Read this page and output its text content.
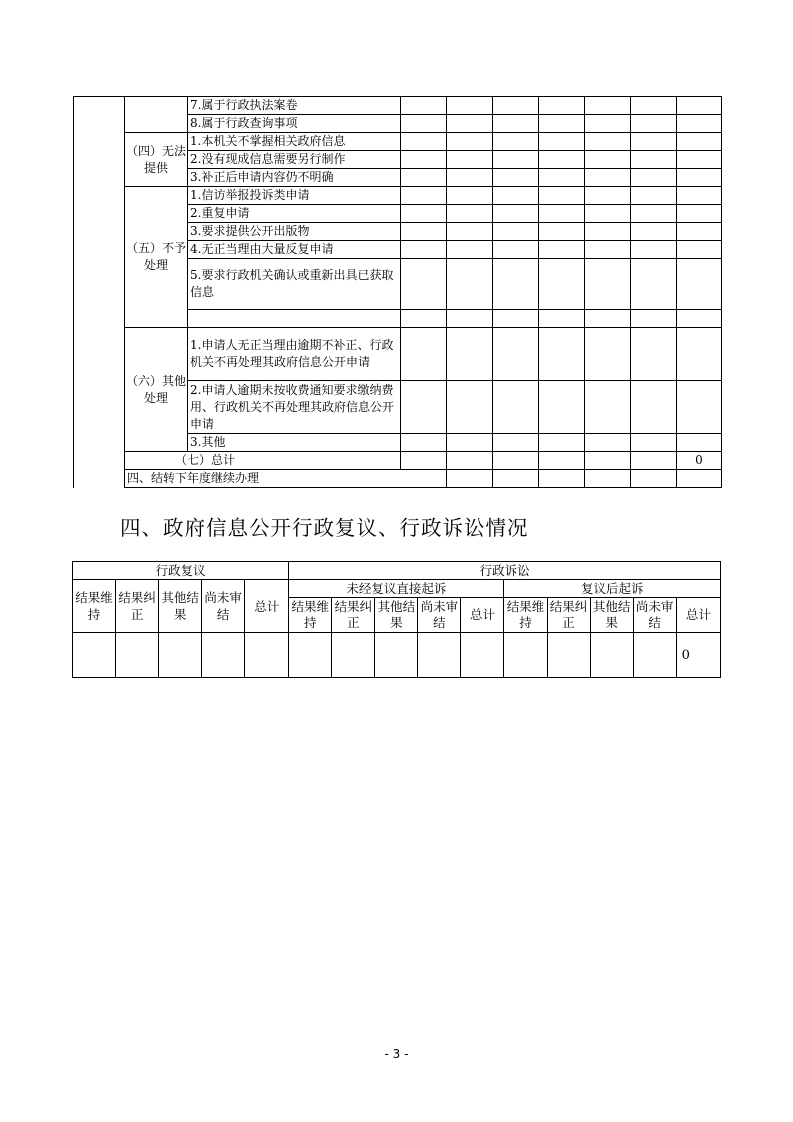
		7.属于行政执法案卷								
		8.属于行政查询事项								
	（四）无法提供	1.本机关不掌握相关政府信息								
		2.没有现成信息需要另行制作								
		3.补正后申请内容仍不明确								
	（五）不予处理	1.信访举报投诉类申请								
		2.重复申请								
		3.要求提供公开出版物								
		4.无正当理由大量反复申请								
		5.要求行政机关确认或重新出具已获取信息								

	（六）其他处理	1.申请人无正当理由逾期不补正、行政机关不再处理其政府信息公开申请								
		2.申请人逾期未按收费通知要求缴纳费用、行政机关不再处理其政府信息公开申请								
		3.其他								
	（七）总计								0	
	四、结转下年度继续办理							
四、政府信息公开行政复议、行政诉讼情况
行政复议					行政诉讼									
结果维持	结果纠正	其他结果	尚未审结	总计	未经复议直接起诉					复议后起诉				
					结果维持	结果纠正	其他结果	尚未审结	总计	结果维持	结果纠正	其他结果	尚未审结	总计
														0
- 3 -
